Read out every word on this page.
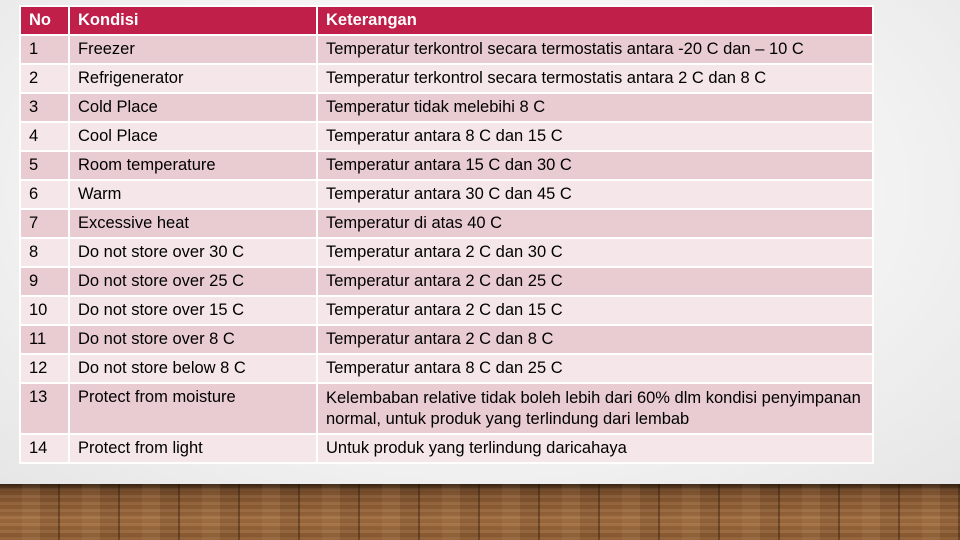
No	Kondisi	Keterangan
1	Freezer	Temperatur terkontrol secara termostatis antara -20 C dan – 10 C
2	Refrigenerator	Temperatur terkontrol secara termostatis antara 2 C dan 8 C
3	Cold Place	Temperatur tidak melebihi 8 C
4	Cool Place	Temperatur antara 8 C dan 15 C
5	Room temperature	Temperatur antara 15 C dan 30 C
6	Warm	Temperatur antara 30 C dan 45 C
7	Excessive heat	Temperatur di atas 40 C
8	Do not store over 30 C	Temperatur antara 2 C dan 30 C
9	Do not store over 25 C	Temperatur antara 2 C dan 25 C
10	Do not store over 15 C	Temperatur antara 2 C dan 15 C
11	Do not store over 8 C	Temperatur antara 2 C dan 8 C
12	Do not store below 8 C	Temperatur antara 8 C dan 25 C
13	Protect from moisture	Kelembaban relative tidak boleh lebih dari 60% dlm kondisi penyimpanan normal, untuk produk yang terlindung dari lembab
14	Protect from light	Untuk produk yang terlindung daricahaya
